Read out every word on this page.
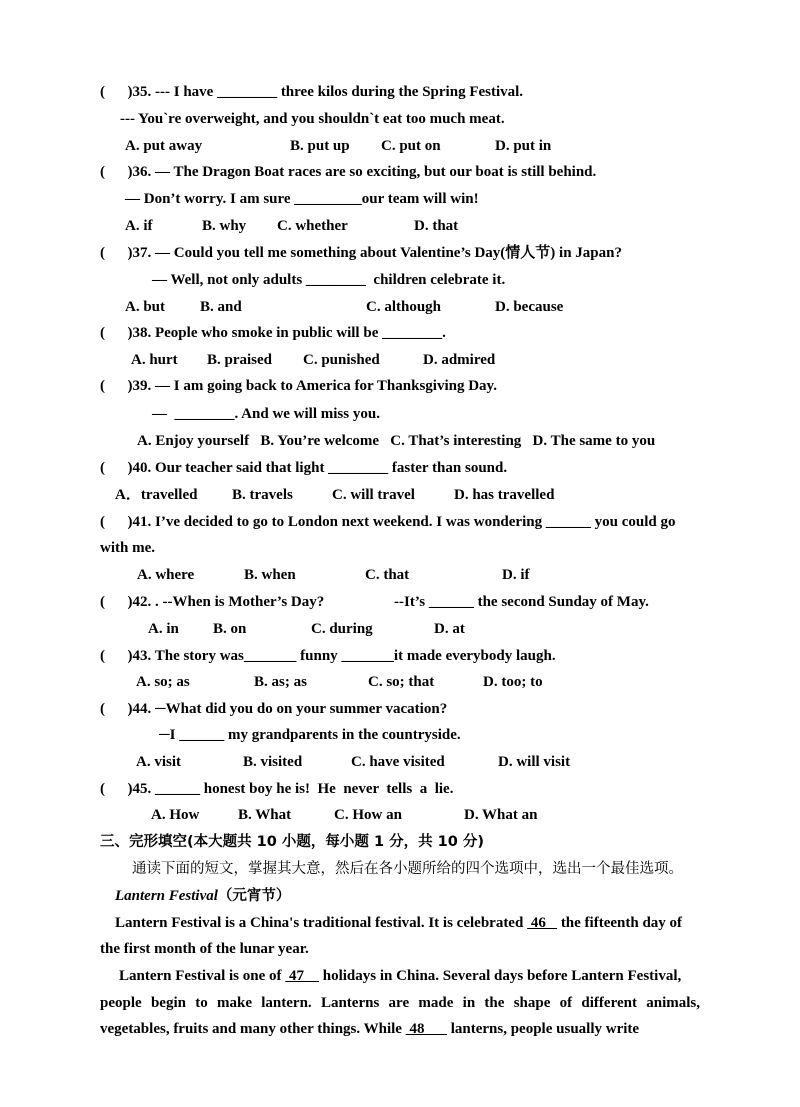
(      )35. --- I have ________ three kilos during the Spring Festival.
--- You`re overweight, and you shouldn`t eat too much meat.
A. put away	B. put up C. put on	D. put in
(      )36. — The Dragon Boat races are so exciting, but our boat is still behind.
— Don’t worry. I am sure _________our team will win!
A. if	B. why C. whether	D. that
(      )37. — Could you tell me something about Valentine’s Day(情人节) in Japan?
— Well, not only adults ________  children celebrate it.
A. but B. and	C. although	D. because
(      )38. People who smoke in public will be ________.
A. hurt B. praised C. punished	D. admired
(      )39. — I am going back to America for Thanksgiving Day.
—  ________. And we will miss you.
A. Enjoy yourself   B. You’re welcome   C. That’s interesting   D. The same to you
(      )40. Our teacher said that light ________ faster than sound.
A．travelled B. travels	C. will travel	D. has travelled
(      )41. I’ve decided to go to London next weekend. I was wondering ______ you could go
with me.
A. where	B. when	C. that	D. if
(      )42. . --When is Mother’s Day?	--It’s ______ the second Sunday of May.
A. in B. on	C. during	D. at
(      )43. The story was_______ funny _______it made everybody laugh.
A. so; as	B. as; as	C. so; that	D. too; to
(      )44. ─What did you do on your summer vacation?
─I ______ my grandparents in the countryside.
A. visit	B. visited	C. have visited	D. will visit
(      )45. ______ honest boy he is!  He  never  tells  a  lie.
A. How	B. What	C. How an	D. What an
三、完形填空(本大题共 10 小题，每小题 1 分，共 10 分)
通读下面的短文，掌握其大意，然后在各小题所给的四个选项中，选出一个最佳选项。
Lantern Festival（元宵节）
Lantern Festival is a China's traditional festival. It is celebrated  46    the fifteenth day of
the first month of the lunar year.
Lantern Festival is one of  47     holidays in China. Several days before Lantern Festival,
people begin to make lantern. Lanterns are made in the shape of different animals,
vegetables, fruits and many other things. While  48       lanterns, people usually write
